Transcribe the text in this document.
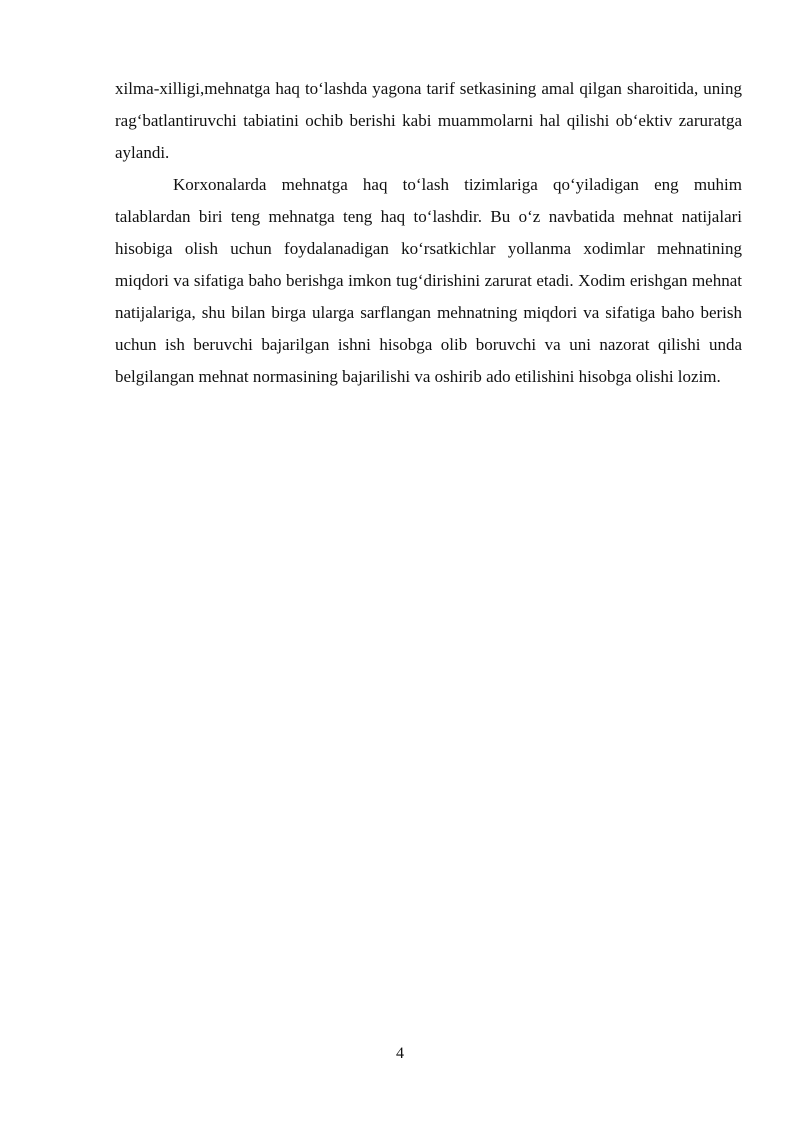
xilma-xilligi,mehnatga haq to‘lashda yagona tarif setkasining amal qilgan sharoitida, uning rag‘batlantiruvchi tabiatini ochib berishi kabi muammolarni hal qilishi ob‘ektiv zaruratga aylandi.

Korxonalarda mehnatga haq to‘lash tizimlariga qo‘yiladigan eng muhim talablardan biri teng mehnatga teng haq to‘lashdir. Bu o‘z navbatida mehnat natijalari hisobiga olish uchun foydalanadigan ko‘rsatkichlar yollanma xodimlar mehnatining miqdori va sifatiga baho berishga imkon tug‘dirishini zarurat etadi. Xodim erishgan mehnat natijalariga, shu bilan birga ularga sarflangan mehnatning miqdori va sifatiga baho berish uchun ish beruvchi bajarilgan ishni hisobga olib boruvchi va uni nazorat qilishi unda belgilangan mehnat normasining bajarilishi va oshirib ado etilishini hisobga olishi lozim.

4
